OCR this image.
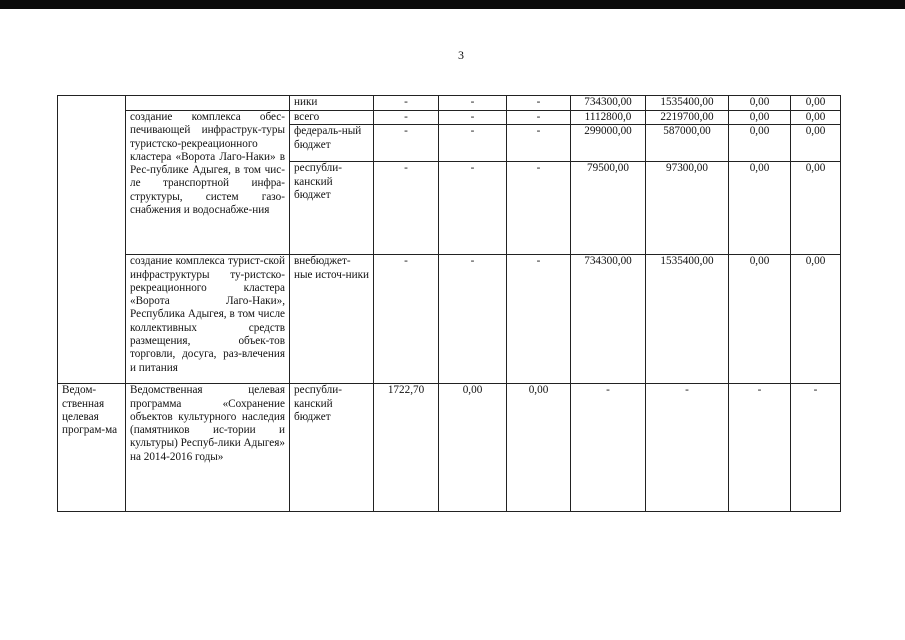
3
		ники	-	-	-	734300,00	1535400,00	0,00	0,00
	создание комплекса обес-печивающей инфраструк-туры туристско-рекреационного кластера «Ворота Лаго-Наки» в Рес-публике Адыгея, в том чис-ле транспортной инфра-структуры, систем газо-снабжения и водоснабже-ния	всего	-	-	-	1112800,0	2219700,00	0,00	0,00
		федераль-ный бюджет	-	-	-	299000,00	587000,00	0,00	0,00
		республи-канский бюджет	-	-	-	79500,00	97300,00	0,00	0,00
	создание комплекса турист-ской инфраструктуры ту-ристско-рекреационного кластера «Ворота Лаго-Наки», Республика Адыгея, в том числе коллективных средств размещения, объек-тов торговли, досуга, раз-влечения и питания	внебюджет-ные источ-ники	-	-	-	734300,00	1535400,00	0,00	0,00
Ведом-ственная целевая програм-ма	Ведомственная целевая программа «Сохранение объектов культурного наследия (памятников ис-тории и культуры) Респуб-лики Адыгея» на 2014-2016 годы»	республи-канский бюджет	1722,70	0,00	0,00	-	-	-	-
